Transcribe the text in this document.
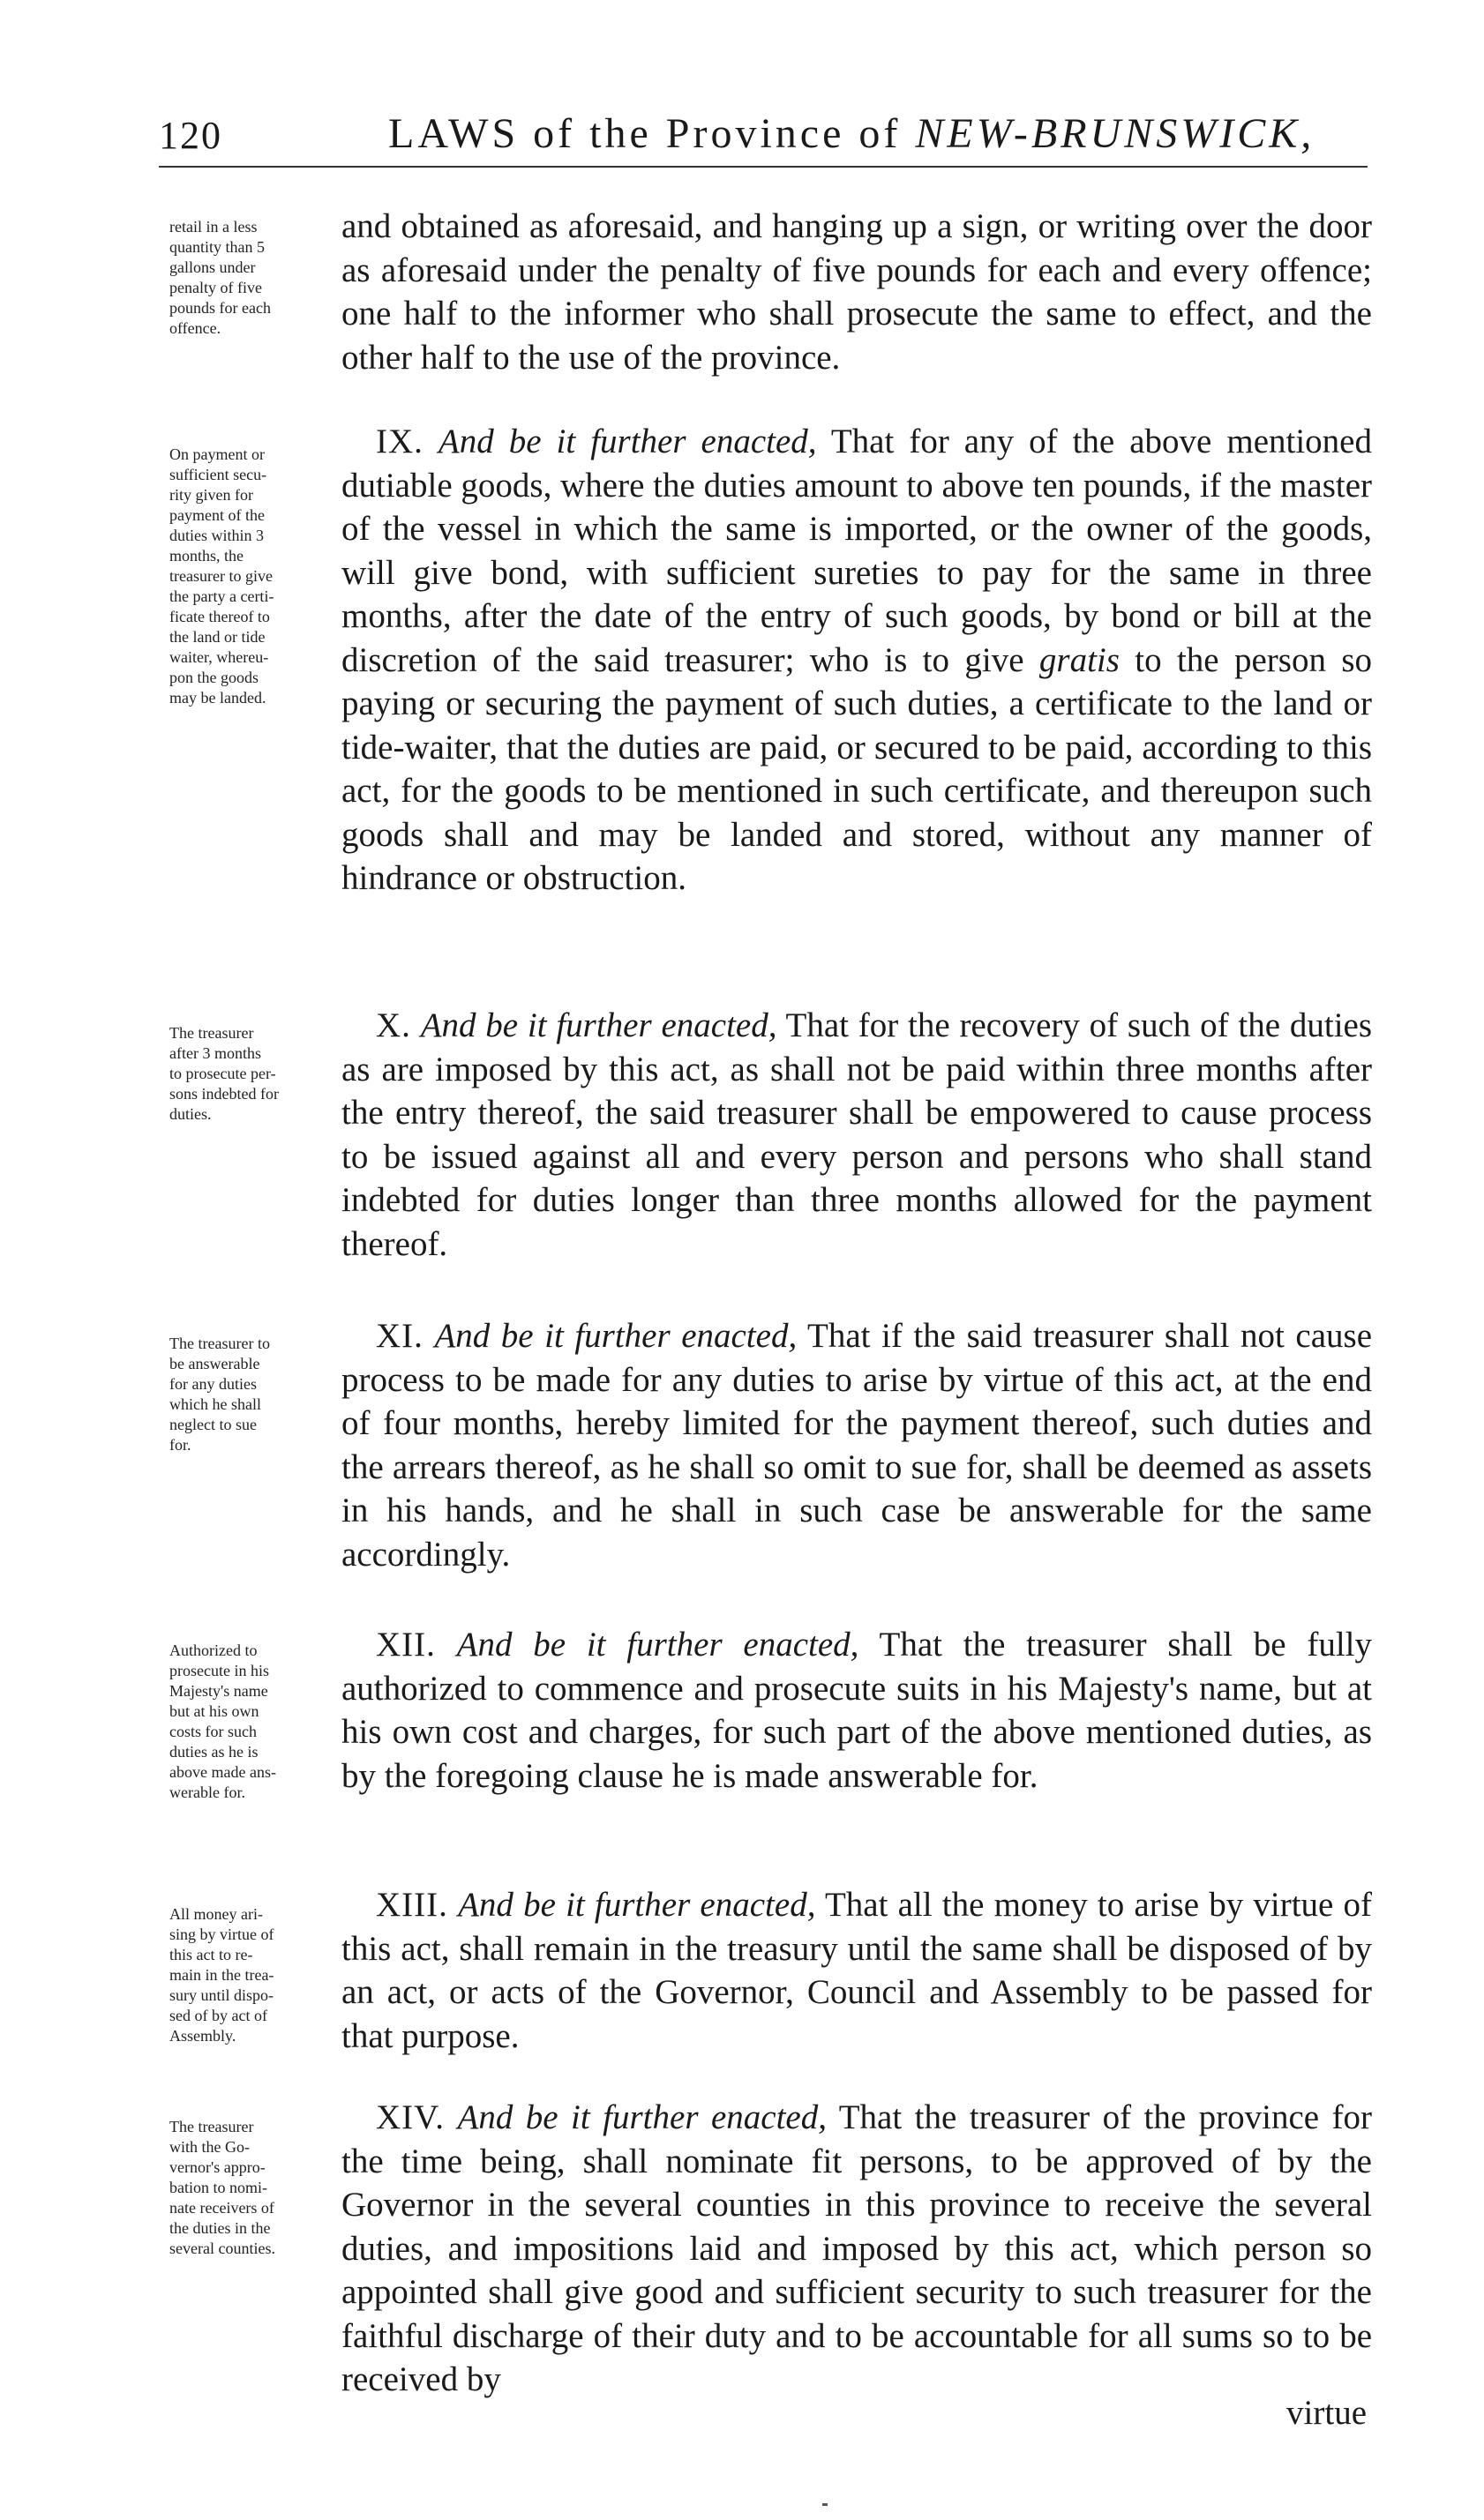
120	LAWS of the Province of NEW-BRUNSWICK,
retail in a less
quantity than 5
gallons under
penalty of five
pounds for each
offence.
and obtained as aforesaid, and hanging up a sign, or writing over the door as aforesaid under the penalty of five pounds for each and every offence; one half to the informer who shall prosecute the same to effect, and the other half to the use of the province.
On payment or
sufficient secu-
rity given for
payment of the
duties within 3
months, the
treasurer to give
the party a certi-
ficate thereof to
the land or tide
waiter, whereu-
pon the goods
may be landed.
 IX. And be it further enacted, That for any of the above mentioned dutiable goods, where the duties amount to above ten pounds, if the master of the vessel in which the same is imported, or the owner of the goods, will give bond, with sufficient sureties to pay for the same in three months, after the date of the entry of such goods, by bond or bill at the discretion of the said treasurer; who is to give gratis to the person so paying or securing the payment of such duties, a certificate to the land or tide-waiter, that the duties are paid, or secured to be paid, according to this act, for the goods to be mentioned in such certificate, and thereupon such goods shall and may be landed and stored, without any manner of hindrance or obstruction.
The treasurer
after 3 months
to prosecute per-
sons indebted for
duties.
 X. And be it further enacted, That for the recovery of such of the duties as are imposed by this act, as shall not be paid within three months after the entry thereof, the said treasurer shall be empowered to cause process to be issued against all and every person and persons who shall stand indebted for duties longer than three months allowed for the payment thereof.
The treasurer to
be answerable
for any duties
which he shall
neglect to sue
for.
 XI. And be it further enacted, That if the said treasurer shall not cause process to be made for any duties to arise by virtue of this act, at the end of four months, hereby limited for the payment thereof, such duties and the arrears thereof, as he shall so omit to sue for, shall be deemed as assets in his hands, and he shall in such case be answerable for the same accordingly.
Authorized to
prosecute in his
Majesty's name
but at his own
costs for such
duties as he is
above made ans-
werable for.
 XII. And be it further enacted, That the treasurer shall be fully authorized to commence and prosecute suits in his Majesty's name, but at his own cost and charges, for such part of the above mentioned duties, as by the foregoing clause he is made answerable for.
All money ari-
sing by virtue of
this act to re-
main in the trea-
sury until dispo-
sed of by act of
Assembly.
 XIII. And be it further enacted, That all the money to arise by virtue of this act, shall remain in the treasury until the same shall be disposed of by an act, or acts of the Governor, Council and Assembly to be passed for that purpose.
The treasurer
with the Go-
vernor's appro-
bation to nomi-
nate receivers of
the duties in the
several counties.
 XIV. And be it further enacted, That the treasurer of the province for the time being, shall nominate fit persons, to be approved of by the Governor in the several counties in this province to receive the several duties, and impositions laid and imposed by this act, which person so appointed shall give good and sufficient security to such treasurer for the faithful discharge of their duty and to be accountable for all sums so to be received by
virtue
